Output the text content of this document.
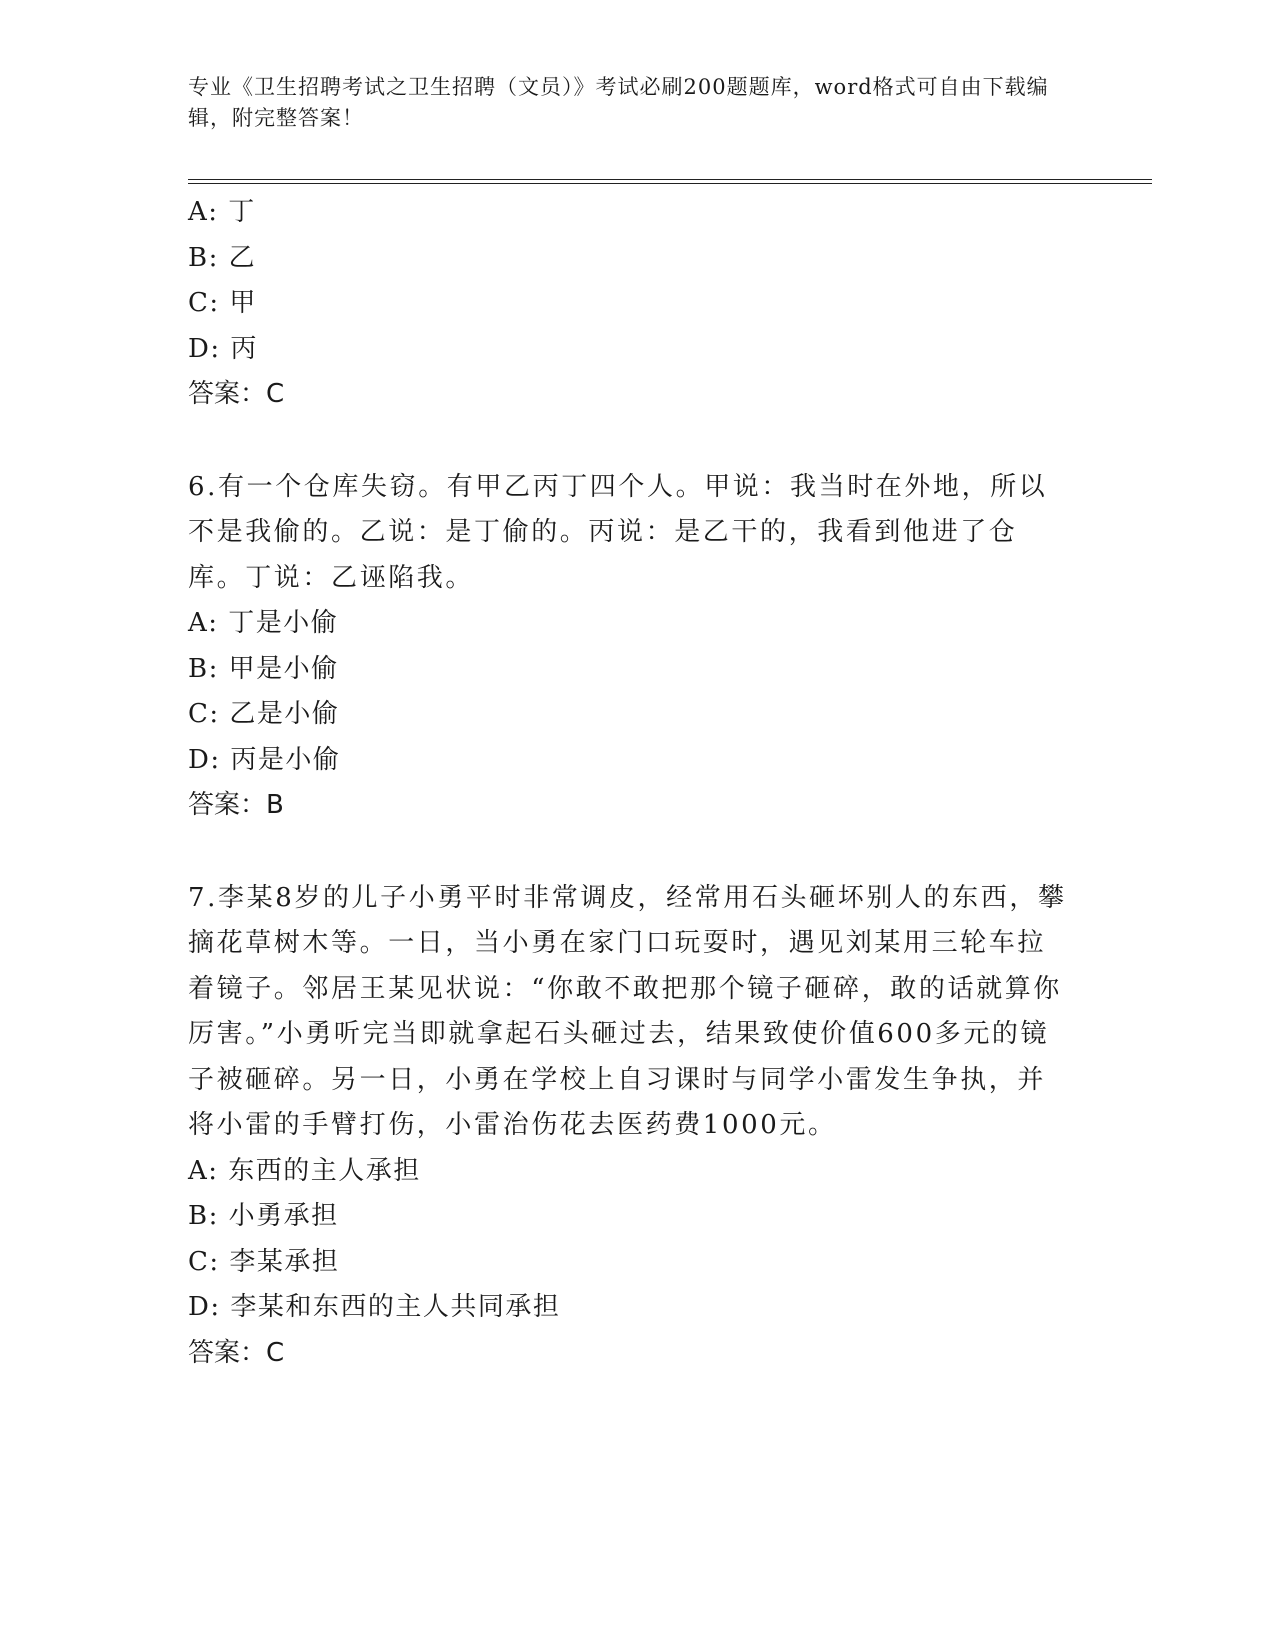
专业《卫生招聘考试之卫生招聘（文员）》考试必刷200题题库，word格式可自由下载编辑，附完整答案！

A: 丁

B: 乙

C: 甲

D: 丙

答案：C

6.有一个仓库失窃。有甲乙丙丁四个人。甲说：我当时在外地，所以不是我偷的。乙说：是丁偷的。丙说：是乙干的，我看到他进了仓库。丁说：乙诬陷我。

A: 丁是小偷

B: 甲是小偷

C: 乙是小偷

D: 丙是小偷

答案：B

7.李某8岁的儿子小勇平时非常调皮，经常用石头砸坏别人的东西，攀摘花草树木等。一日，当小勇在家门口玩耍时，遇见刘某用三轮车拉着镜子。邻居王某见状说：“你敢不敢把那个镜子砸碎，敢的话就算你厉害。”小勇听完当即就拿起石头砸过去，结果致使价值600多元的镜子被砸碎。另一日，小勇在学校上自习课时与同学小雷发生争执，并将小雷的手臂打伤，小雷治伤花去医药费1000元。

A: 东西的主人承担

B: 小勇承担

C: 李某承担

D: 李某和东西的主人共同承担

答案：C
